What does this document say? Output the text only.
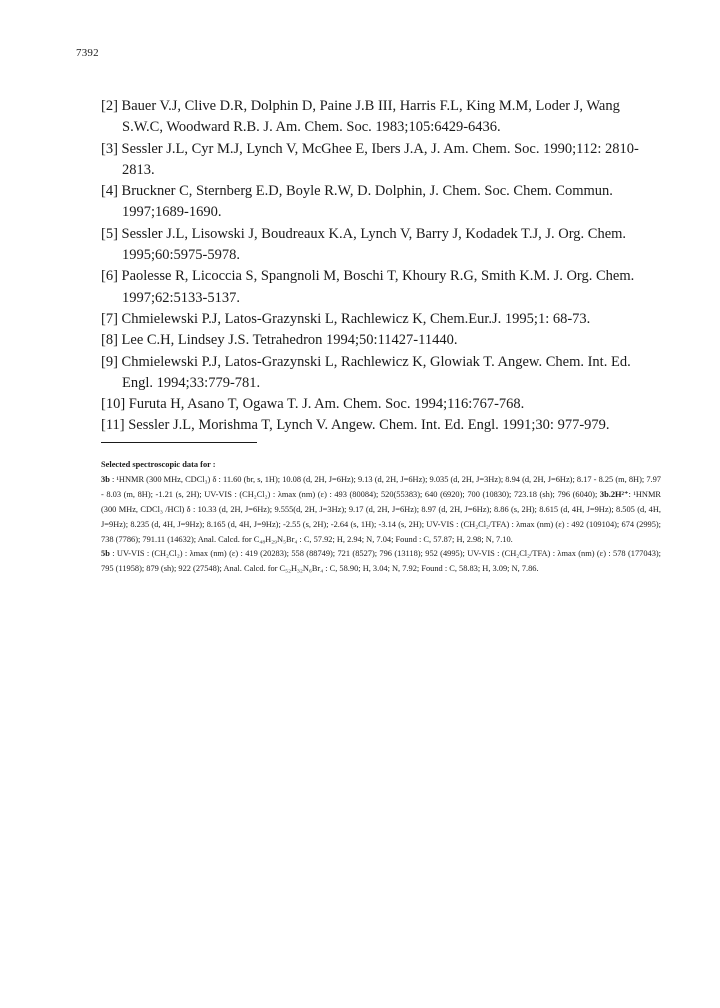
7392

[2] Bauer V.J, Clive D.R, Dolphin D, Paine J.B III, Harris F.L, King M.M, Loder J, Wang S.W.C, Woodward R.B. J. Am. Chem. Soc. 1983;105:6429-6436.

[3] Sessler J.L, Cyr M.J, Lynch V, McGhee E, Ibers J.A, J. Am. Chem. Soc. 1990;112: 2810-2813.

[4] Bruckner C, Sternberg E.D, Boyle R.W, D. Dolphin, J. Chem. Soc. Chem. Commun. 1997;1689-1690.

[5] Sessler J.L, Lisowski J, Boudreaux K.A, Lynch V, Barry J, Kodadek T.J, J. Org. Chem. 1995;60:5975-5978.

[6] Paolesse R, Licoccia S, Spangnoli M, Boschi T, Khoury R.G, Smith K.M. J. Org. Chem. 1997;62:5133-5137.

[7] Chmielewski P.J, Latos-Grazynski L, Rachlewicz K, Chem.Eur.J. 1995;1: 68-73.

[8] Lee C.H, Lindsey J.S. Tetrahedron 1994;50:11427-11440.

[9] Chmielewski P.J, Latos-Grazynski L, Rachlewicz K, Glowiak T. Angew. Chem. Int. Ed. Engl. 1994;33:779-781.

[10] Furuta H, Asano T, Ogawa T. J. Am. Chem. Soc. 1994;116:767-768.

[11] Sessler J.L, Morishma T, Lynch V. Angew. Chem. Int. Ed. Engl. 1991;30: 977-979.

Selected spectroscopic data for :

3b : ¹HNMR (300 MHz, CDCl₃) δ : 11.60 (br, s, 1H); 10.08 (d, 2H, J=6Hz); 9.13 (d, 2H, J=6Hz); 9.035 (d, 2H, J=3Hz); 8.94 (d, 2H, J=6Hz); 8.17 - 8.25 (m, 8H); 7.97 - 8.03 (m, 8H); -1.21 (s, 2H); UV-VIS : (CH₂Cl₂) : λmax (nm) (ε) : 493 (80084); 520(55383); 640 (6920); 700 (10830); 723.18 (sh); 796 (6040); 3b.2H²⁺: ¹HNMR (300 MHz, CDCl₃ /HCl) δ : 10.33 (d, 2H, J=6Hz); 9.555(d, 2H, J=3Hz); 9.17 (d, 2H, J=6Hz); 8.97 (d, 2H, J=6Hz); 8.86 (s, 2H); 8.615 (d, 4H, J=9Hz); 8.505 (d, 4H, J=9Hz); 8.235 (d, 4H, J=9Hz); 8.165 (d, 4H, J=9Hz); -2.55 (s, 2H); -2.64 (s, 1H); -3.14 (s, 2H); UV-VIS : (CH₂Cl₂/TFA) : λmax (nm) (ε) : 492 (109104); 674 (2995); 738 (7786); 791.11 (14632); Anal. Calcd. for C₄₈H₂₉N₅Br₄ : C, 57.92; H, 2.94; N, 7.04; Found : C, 57.87; H, 2.98; N, 7.10.

5b : UV-VIS : (CH₂Cl₂) : λmax (nm) (ε) : 419 (20283); 558 (88749); 721 (8527); 796 (13118); 952 (4995); UV-VIS : (CH₂Cl₂/TFA) : λmax (nm) (ε) : 578 (177043); 795 (11958); 879 (sh); 922 (27548); Anal. Calcd. for C₅₂H₃₂N₆Br₄ : C, 58.90; H, 3.04; N, 7.92; Found : C, 58.83; H, 3.09; N, 7.86.
